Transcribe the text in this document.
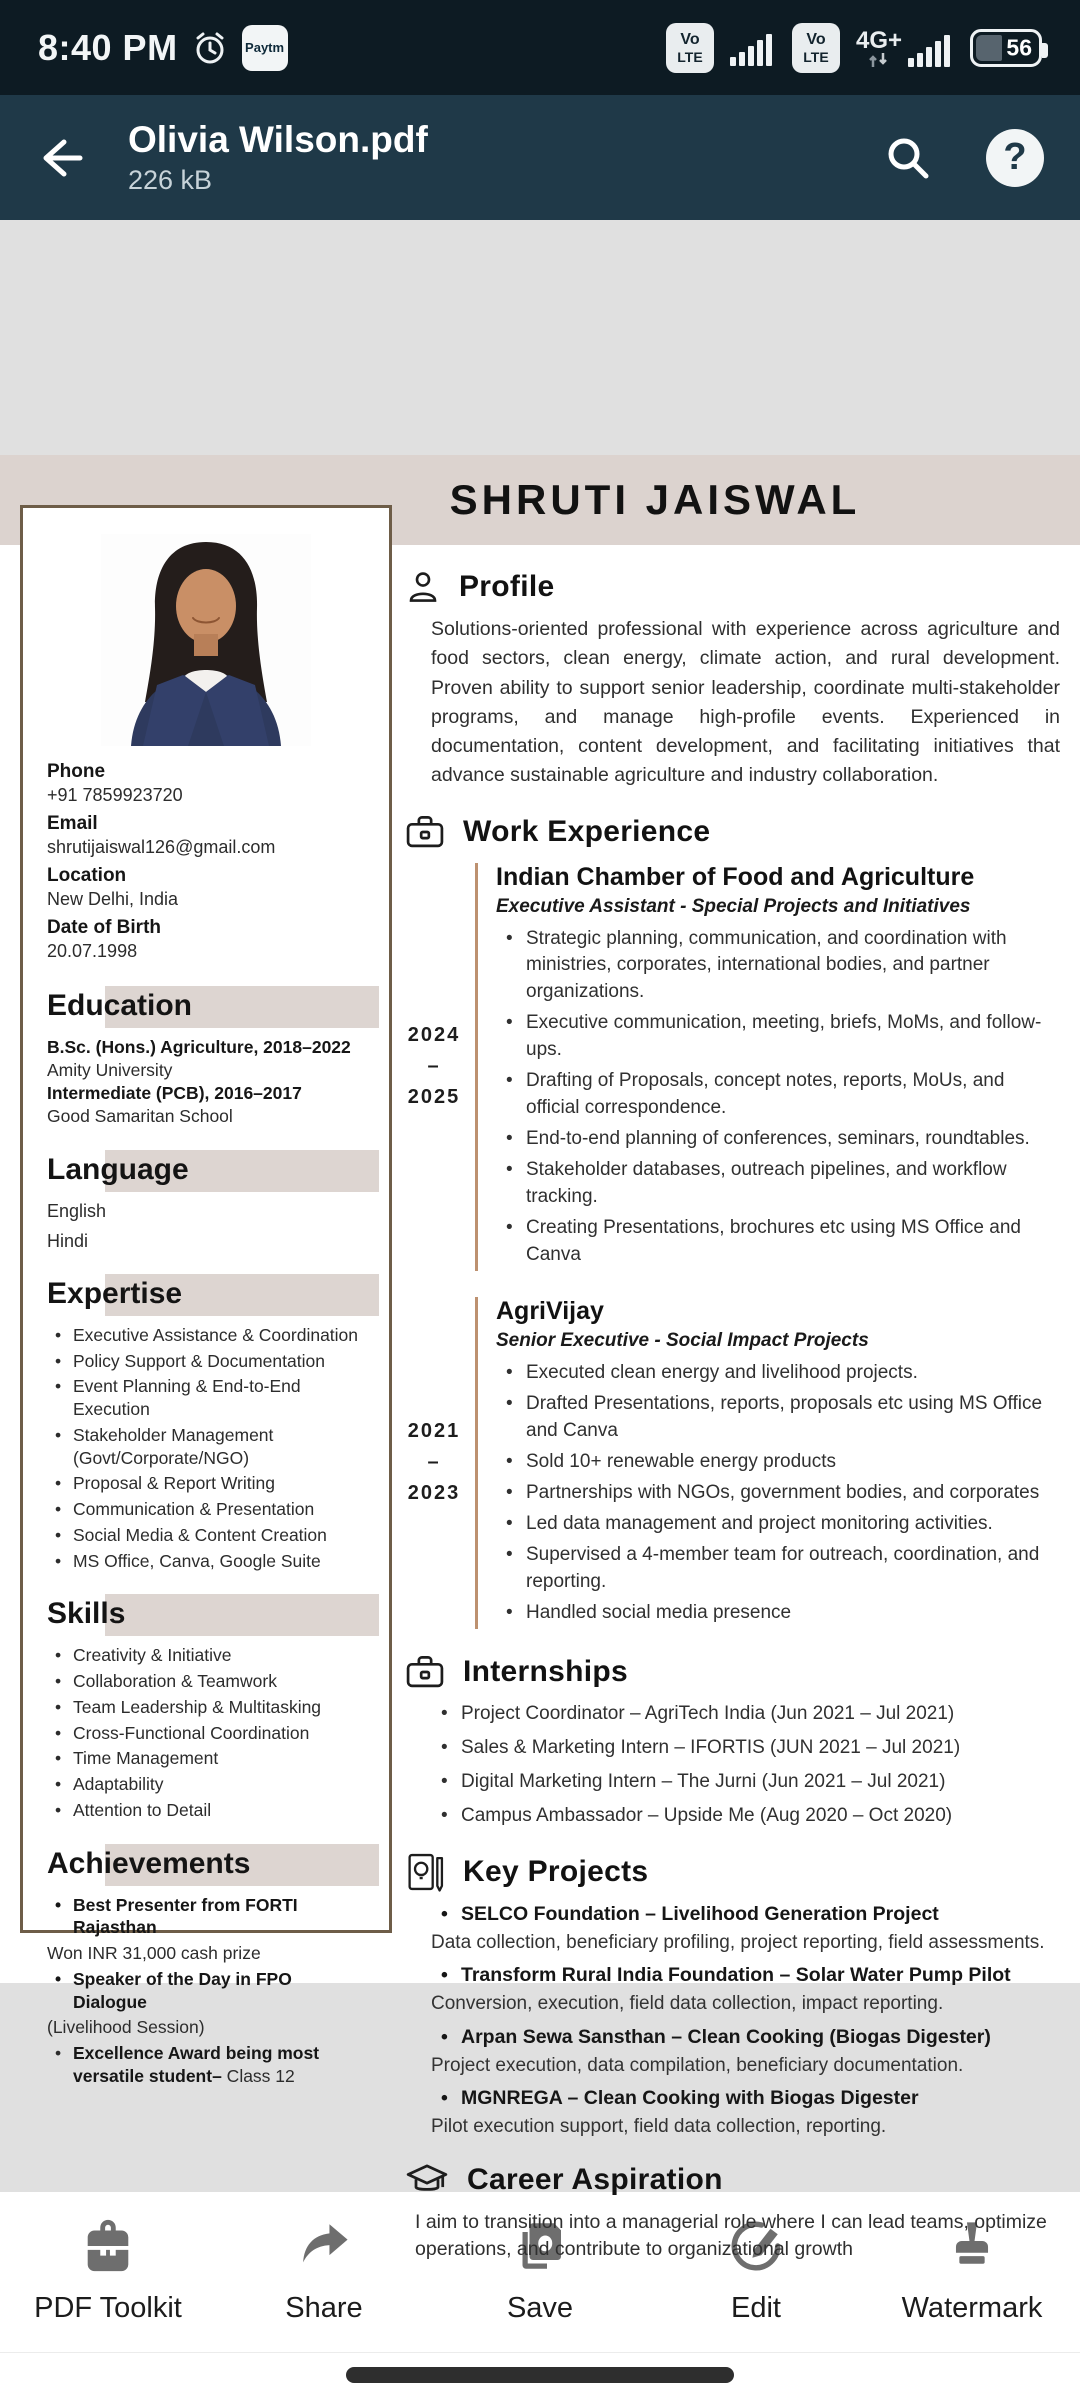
8:40 PM	Paytm	Vo
LTE
Vo
LTE
4G+	56
Olivia Wilson.pdf
226 kB
?
SHRUTI JAISWAL
Phone
+91 7859923720
Email
shrutijaiswal126@gmail.com
Location
New Delhi, India
Date of Birth
20.07.1998
Education
B.Sc. (Hons.) Agriculture, 2018–2022
Amity University
Intermediate (PCB), 2016–2017
Good Samaritan School
Language
English
Hindi
Expertise
• Executive Assistance & Coordination
• Policy Support & Documentation
• Event Planning & End-to-End Execution
• Stakeholder Management (Govt/Corporate/NGO)
• Proposal & Report Writing
• Communication & Presentation
• Social Media & Content Creation
• MS Office, Canva, Google Suite
Skills
• Creativity & Initiative
• Collaboration & Teamwork
• Team Leadership & Multitasking
• Cross-Functional Coordination
• Time Management
• Adaptability
• Attention to Detail
Achievements
• Best Presenter from FORTI Rajasthan
Won INR 31,000 cash prize
• Speaker of the Day in FPO Dialogue
(Livelihood Session)
• Excellence Award being most versatile student– Class 12
Profile

Solutions-oriented professional with experience across agriculture and food sectors, clean energy, climate action, and rural development. Proven ability to support senior leadership, coordinate multi-stakeholder programs, and manage high-profile events. Experienced in documentation, content development, and facilitating initiatives that advance sustainable agriculture and industry collaboration.

Work Experience
2024
–
2025
Indian Chamber of Food and Agriculture
Executive Assistant - Special Projects and Initiatives
• Strategic planning, communication, and coordination with ministries, corporates, international bodies, and partner organizations.
• Executive communication, meeting, briefs, MoMs, and follow-ups.
• Drafting of Proposals, concept notes, reports, MoUs, and official correspondence.
• End-to-end planning of conferences, seminars, roundtables.
• Stakeholder databases, outreach pipelines, and workflow tracking.
• Creating Presentations, brochures etc using MS Office and Canva
2021
–
2023
AgriVijay
Senior Executive - Social Impact Projects
• Executed clean energy and livelihood projects.
• Drafted Presentations, reports, proposals etc using MS Office and Canva
• Sold 10+ renewable energy products
• Partnerships with NGOs, government bodies, and corporates
• Led data management and project monitoring activities.
• Supervised a 4-member team for outreach, coordination, and reporting.
• Handled social media presence
Internships
• Project Coordinator – AgriTech India (Jun 2021 – Jul 2021)
• Sales & Marketing Intern – IFORTIS (JUN 2021 – Jul 2021)
• Digital Marketing Intern – The Jurni (Jun 2021 – Jul 2021)
• Campus Ambassador – Upside Me (Aug 2020 – Oct 2020)
Key Projects
• SELCO Foundation – Livelihood Generation Project
Data collection, beneficiary profiling, project reporting, field assessments.
• Transform Rural India Foundation – Solar Water Pump Pilot
Conversion, execution, field data collection, impact reporting.
• Arpan Sewa Sansthan – Clean Cooking (Biogas Digester)
Project execution, data compilation, beneficiary documentation.
• MGNREGA – Clean Cooking with Biogas Digester
Pilot execution support, field data collection, reporting.
Career Aspiration

I aim to transition into a managerial role where I can lead teams, optimize operations, and contribute to organizational growth

PDF Toolkit	Share	Save	Edit	Watermark
